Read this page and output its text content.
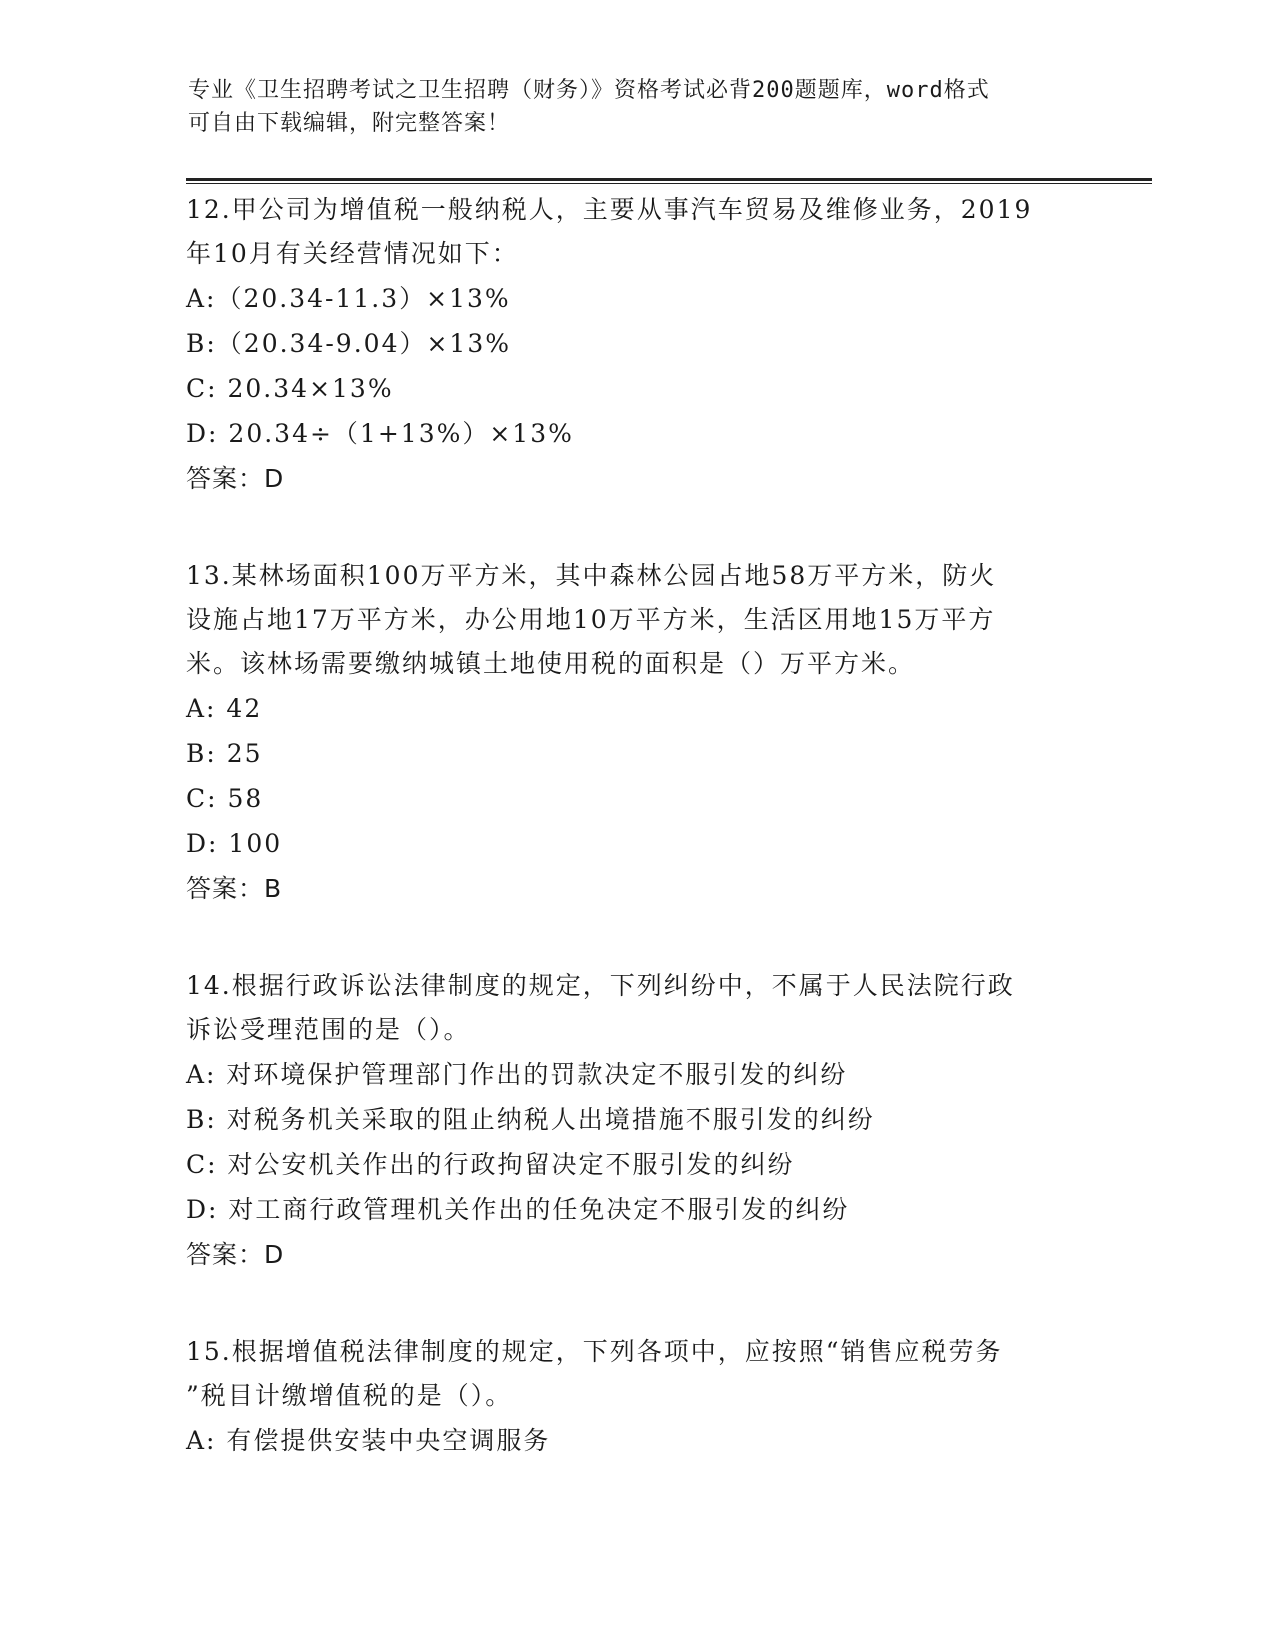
专业《卫生招聘考试之卫生招聘（财务）》资格考试必背200题题库，word格式
可自由下载编辑，附完整答案！
12.甲公司为增值税一般纳税人，主要从事汽车贸易及维修业务，2019
年10月有关经营情况如下：
A:（20.34-11.3）×13%
B:（20.34-9.04）×13%
C: 20.34×13%
D: 20.34÷（1+13%）×13%
答案：D
13.某林场面积100万平方米，其中森林公园占地58万平方米，防火
设施占地17万平方米，办公用地10万平方米，生活区用地15万平方
米。该林场需要缴纳城镇土地使用税的面积是（）万平方米。
A: 42
B: 25
C: 58
D: 100
答案：B
14.根据行政诉讼法律制度的规定，下列纠纷中，不属于人民法院行政
诉讼受理范围的是（）。
A: 对环境保护管理部门作出的罚款决定不服引发的纠纷
B: 对税务机关采取的阻止纳税人出境措施不服引发的纠纷
C: 对公安机关作出的行政拘留决定不服引发的纠纷
D: 对工商行政管理机关作出的任免决定不服引发的纠纷
答案：D
15.根据增值税法律制度的规定，下列各项中，应按照“销售应税劳务
”税目计缴增值税的是（）。
A: 有偿提供安装中央空调服务
